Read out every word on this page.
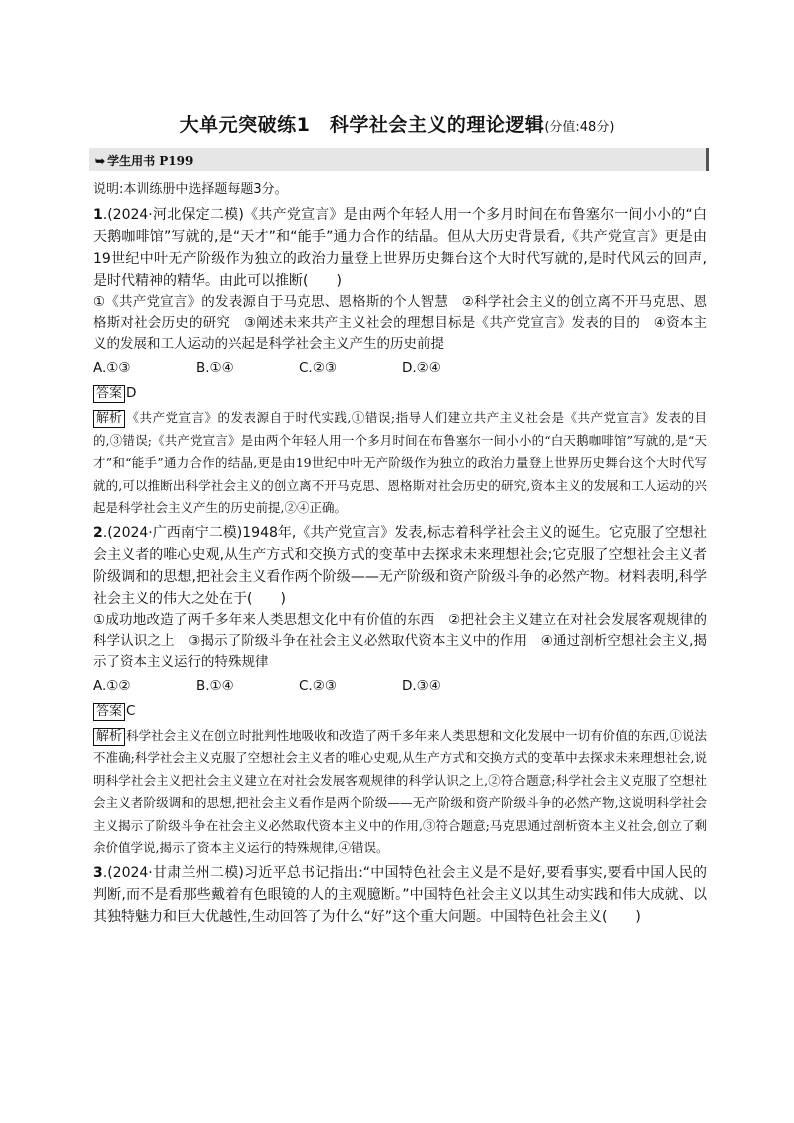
大单元突破练1　科学社会主义的理论逻辑(分值:48分)
➥ 学生用书 P199
说明:本训练册中选择题每题3分。

1.(2024·河北保定二模)《共产党宣言》是由两个年轻人用一个多月时间在布鲁塞尔一间小小的“白天鹅咖啡馆”写就的,是“天才”和“能手”通力合作的结晶。但从大历史背景看,《共产党宣言》更是由19世纪中叶无产阶级作为独立的政治力量登上世界历史舞台这个大时代写就的,是时代风云的回声,是时代精神的精华。由此可以推断(　　)

①《共产党宣言》的发表源自于马克思、恩格斯的个人智慧　②科学社会主义的创立离不开马克思、恩格斯对社会历史的研究　③阐述未来共产主义社会的理想目标是《共产党宣言》发表的目的　④资本主义的发展和工人运动的兴起是科学社会主义产生的历史前提

A.①③	B.①④	C.②③	D.②④
答案 D

解析 《共产党宣言》的发表源自于时代实践,①错误;指导人们建立共产主义社会是《共产党宣言》发表的目的,③错误;《共产党宣言》是由两个年轻人用一个多月时间在布鲁塞尔一间小小的“白天鹅咖啡馆”写就的,是“天才”和“能手”通力合作的结晶,更是由19世纪中叶无产阶级作为独立的政治力量登上世界历史舞台这个大时代写就的,可以推断出科学社会主义的创立离不开马克思、恩格斯对社会历史的研究,资本主义的发展和工人运动的兴起是科学社会主义产生的历史前提,②④正确。

2.(2024·广西南宁二模)1948年,《共产党宣言》发表,标志着科学社会主义的诞生。它克服了空想社会主义者的唯心史观,从生产方式和交换方式的变革中去探求未来理想社会;它克服了空想社会主义者阶级调和的思想,把社会主义看作两个阶级——无产阶级和资产阶级斗争的必然产物。材料表明,科学社会主义的伟大之处在于(　　)

①成功地改造了两千多年来人类思想文化中有价值的东西　②把社会主义建立在对社会发展客观规律的科学认识之上　③揭示了阶级斗争在社会主义必然取代资本主义中的作用　④通过剖析空想社会主义,揭示了资本主义运行的特殊规律

A.①②	B.①④	C.②③	D.③④
答案 C

解析 科学社会主义在创立时批判性地吸收和改造了两千多年来人类思想和文化发展中一切有价值的东西,①说法不准确;科学社会主义克服了空想社会主义者的唯心史观,从生产方式和交换方式的变革中去探求未来理想社会,说明科学社会主义把社会主义建立在对社会发展客观规律的科学认识之上,②符合题意;科学社会主义克服了空想社会主义者阶级调和的思想,把社会主义看作是两个阶级——无产阶级和资产阶级斗争的必然产物,这说明科学社会主义揭示了阶级斗争在社会主义必然取代资本主义中的作用,③符合题意;马克思通过剖析资本主义社会,创立了剩余价值学说,揭示了资本主义运行的特殊规律,④错误。

3.(2024·甘肃兰州二模)习近平总书记指出:“中国特色社会主义是不是好,要看事实,要看中国人民的判断,而不是看那些戴着有色眼镜的人的主观臆断。”中国特色社会主义以其生动实践和伟大成就、以其独特魅力和巨大优越性,生动回答了为什么“好”这个重大问题。中国特色社会主义(　　)
